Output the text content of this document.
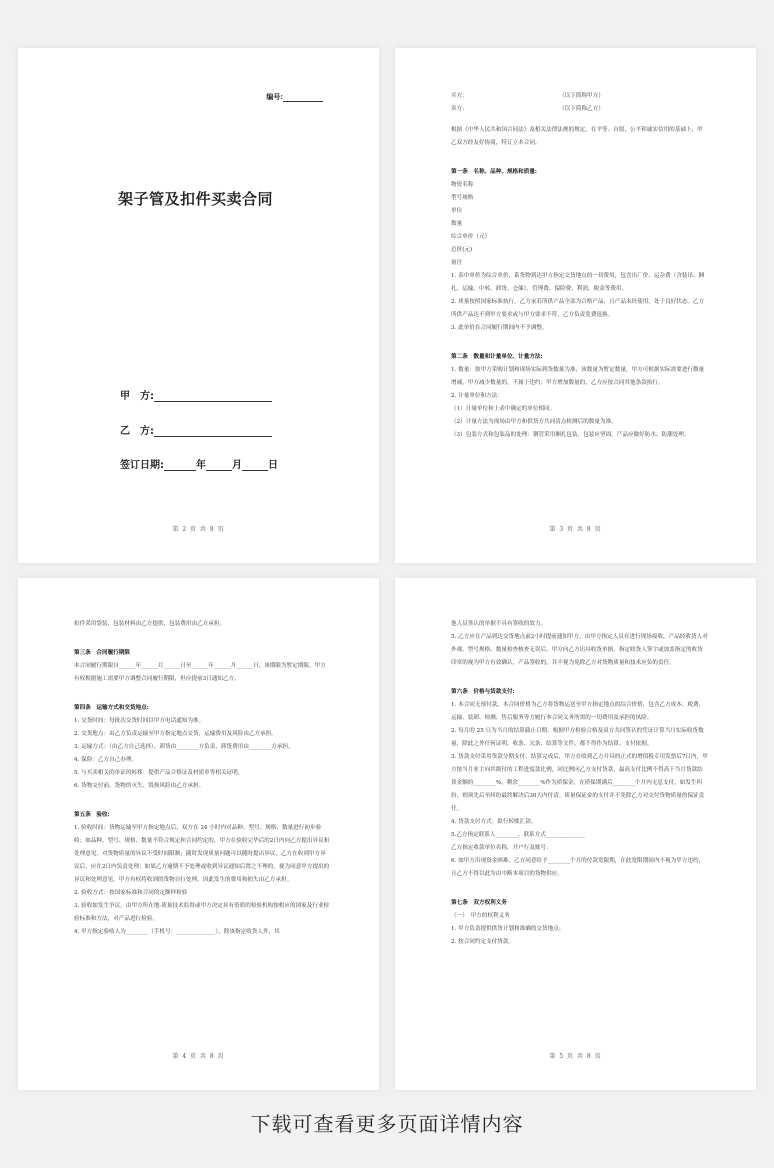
编号:
架子管及扣件买卖合同
甲　方:
乙　方:
签订日期:	年	月	日
第 2 页 共 8 页

买方:	（以下简称甲方）

卖方:	（以下简称乙方）

根据《中华人民共和国合同法》及相关法律法规的规定，在平等、自愿、公平和诚实信用的基础上，甲乙双方经友好协商，特订立本合同。

第一条　名称、品种、规格和质量:

物资名称

型号规格

单位

数量

综合单价（元）

总价(元)

备注

1. 表中单价为综合单价，系货物到达甲方指定交货地点的一切费用，包含出厂价、运杂费（含装吊、捆扎、运输、中转、卸货、仓储）、管理费、保险费、利润、税金等费用。

2. 质量按照国家标准执行，乙方承若所供产品全部为合格产品，且产品未经使用，处于良好状态。乙方所供产品达不到甲方要求或与甲方要求不符，乙方负责免费退换。

3. 此单价在合同履行期间内不予调整。

第二条　数量和计量单位、计量方法:

1. 数量：按甲方采购计划和现场实际到货数量为准，该数量为暂定数量，甲方可根据实际需要进行数量增减，甲方减少数量的，不属于违约；甲方增加数量的，乙方应按合同其他条款执行。

2. 计量单位和方法：

（1）计量单位和上表中确定的单位相同。

（2）计量方法为现场由甲方和供货方共同清点检测后的数量为准。

（3）包装方式和包装品的处理：钢管采用捆扎包装，包装应坚固，产品应做好防水、防潮处理。

第 3 页 共 8 页

扣件采用袋装，包装材料由乙方提供，包装费用由乙方承担。

第三条　合同履行期限

本合同履行期限自______年______月______日至______年______月______日，该期限为暂定期限，甲方有权根据施工需要甲方调整合同履行期限，但应提前3日通知乙方。

第四条　运输方式和交货地点:

1. 交货时间：每批次交货时间以甲方电话通知为准。

2. 交货地点：由乙方负责运输至甲方指定地点交货，运输费用及风险由乙方承担。

3. 运输方式：（由乙方自己选择），卸货由________方负责，卸货费用由________方承担。

4. 保险：乙方自己办理。

5. 与买卖相关的单证的转移：提供产品合格证及材质单等相关证明。

6. 货物交付前，货物的灭失、毁损风险由乙方承担。

第五条　验收:

1. 验收时间：货物运输至甲方指定地点后，双方在 24 小时内对品种、型号、规格、数量进行初步验收；如品种、型号、规格、数量不符合规定和合同约定的，甲方在验收完毕后的2日内向乙方提出异议和处理意见。对货物质量的异议不受时间限制；随时发现质量问题可以随时提出异议，乙方在收到甲方异议后，应在2日内负责处理；如果乙方逾期不予处理或收到异议通知后置之不理的，视为同意甲方提出的异议和处理意见，甲方有权将收到的货物自行处理，因此发生的费用和损失由乙方承担。

2. 验收方式：按国家标准和合同的定额样检验

3. 验收如发生争议，由甲方所在地-质量技术监督或甲方决定具有资质的检验机构按相应的国家及行业检验标准和方法，对产品进行检验。

4. 甲方指定验收人为________（手机号：______________），除该指定收货人外，其

第 4 页 共 8 页

他人员签认的单据不具有签收的效力。

5. 乙方应在产品到达交货地点前2小时提前通知甲方，由甲方指定人员在进行现场接收，产品经收货人对外观、型号规格、数量检查核查无误后，甲方向乙方出具收货单据，指定收货人签字或加盖指定的收货印章的视为甲方有效确认，产品签收的，并不视为免除乙方对货物质量和技术应负的责任。

第六条　价格与货款支付:

1. 本合同无预付款，本合同价格为乙方将货物运送至甲方指定地点的综合价格，包含乙方成本、税费、运输、装卸、检测、售后服务等方履行本合同义务所需的一切费用及承担的风险。

2. 每月的 25 日为当月的结算截止日期，根据甲方检验合格及双方共同签认的凭证计算当月实际收货数量，除此之外任何证明、收条、欠条、结算等文件、都不得作为结算、支付依据。

3. 货款支付采用货款分期支付，结算完成后，甲方在收到乙方开具的正式的增值税专用发票后7日内，甲方按当月业主向其拨付的工程进度款比例，同比例向乙方支付货款，最高支付比例不得高于当月货款结算金额的________%，剩余________%作为质保金，在质保期满后________个月内无息支付。如发生纠纷，则须先后至纠纷最终解决后30天内付清。质量保证金的支付并不免除乙方对交付货物质量的保证责任。

4. 货款支付方式：银行转账汇款。

5.乙方指定联系人________，联系方式______________

乙方指定收款单位名称，开户行及账号：

6. 如甲方出现资金困难，乙方同意给予________个月的付款宽限期，在此宽限期间内不视为甲方违约，且乙方不得以此为由中断本项目的货物供应。

第七条　双方权利义务

（一）　甲方的权利义务

1. 甲方负责提供供货计划和准确的交货地点。

2. 按合同约定支付货款。

第 5 页 共 8 页
下载可查看更多页面详情内容
